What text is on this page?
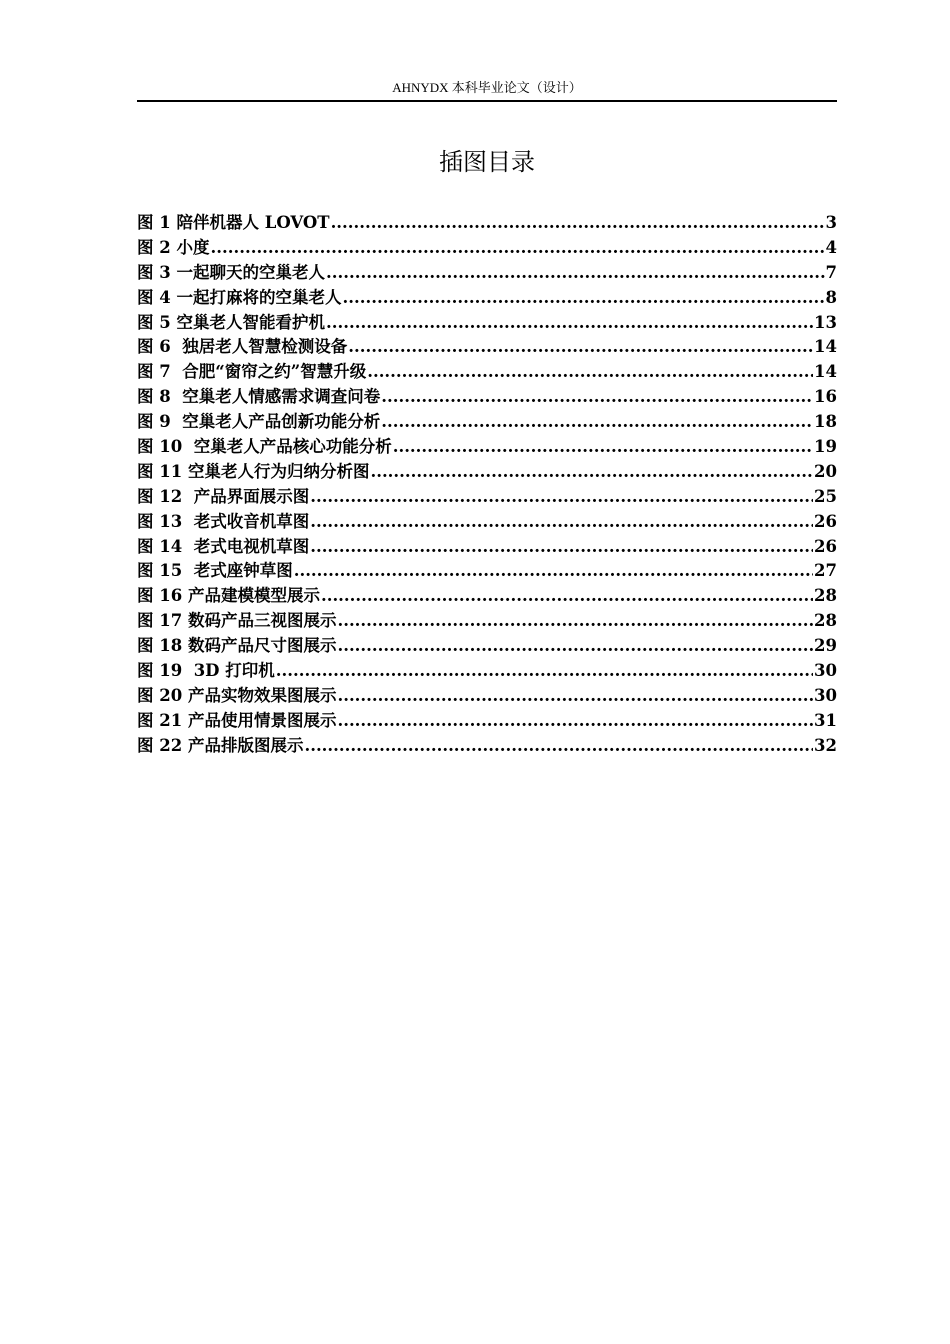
AHNYDX 本科毕业论文（设计）
插图目录
图 1 陪伴机器人 LOVOT .....	3
图 2 小度 .....	4
图 3 一起聊天的空巢老人 .....	7
图 4 一起打麻将的空巢老人 .....	8
图 5 空巢老人智能看护机 .....	13
图 6  独居老人智慧检测设备 .....	14
图 7  合肥“窗帘之约”智慧升级 .....	14
图 8  空巢老人情感需求调查问卷 .....	16
图 9  空巢老人产品创新功能分析 .....	18
图 10  空巢老人产品核心功能分析 .....	19
图 11 空巢老人行为归纳分析图 .....	20
图 12  产品界面展示图 .....	25
图 13  老式收音机草图 .....	26
图 14  老式电视机草图 .....	26
图 15  老式座钟草图 .....	27
图 16 产品建模模型展示 .....	28
图 17 数码产品三视图展示 .....	28
图 18 数码产品尺寸图展示 .....	29
图 19  3D 打印机 .....	30
图 20 产品实物效果图展示 .....	30
图 21 产品使用情景图展示 .....	31
图 22 产品排版图展示 .....	32
